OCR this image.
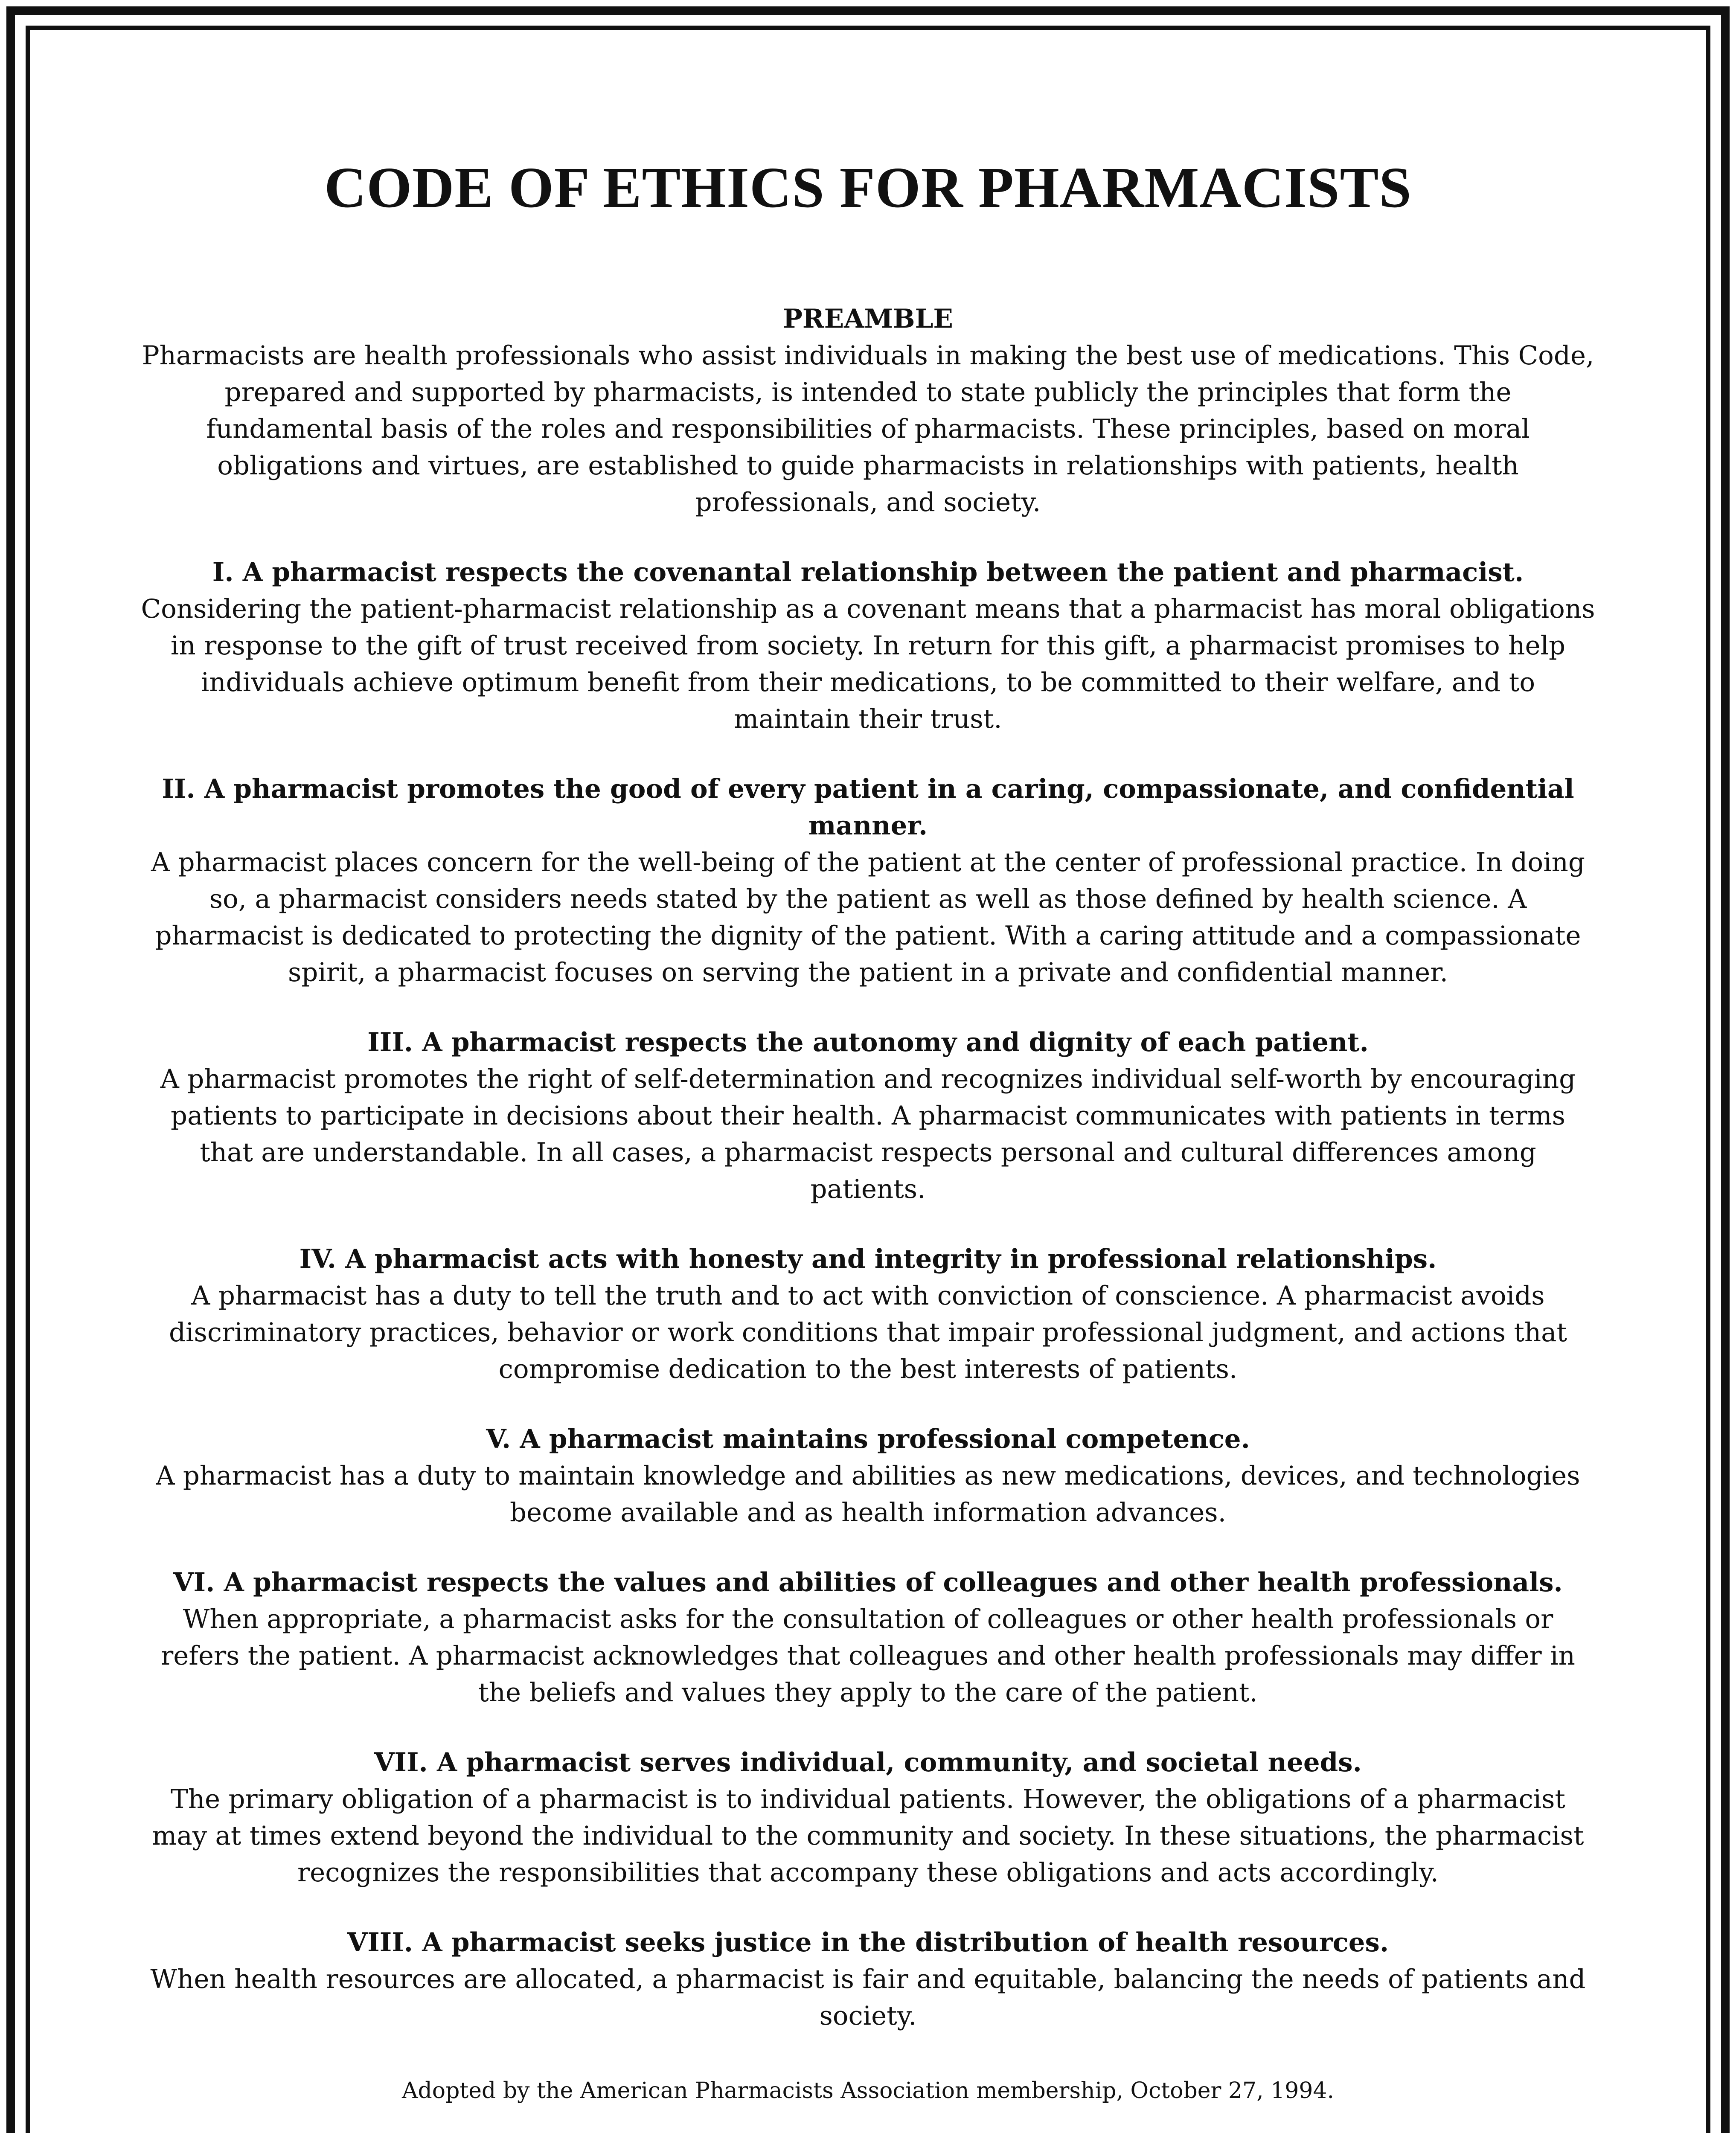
CODE OF ETHICS FOR PHARMACISTS
PREAMBLE
Pharmacists are health professionals who assist individuals in making the best use of medications. This Code, prepared and supported by pharmacists, is intended to state publicly the principles that form the fundamental basis of the roles and responsibilities of pharmacists. These principles, based on moral obligations and virtues, are established to guide pharmacists in relationships with patients, health professionals, and society.
I. A pharmacist respects the covenantal relationship between the patient and pharmacist.
Considering the patient-pharmacist relationship as a covenant means that a pharmacist has moral obligations in response to the gift of trust received from society. In return for this gift, a pharmacist promises to help individuals achieve optimum benefit from their medications, to be committed to their welfare, and to maintain their trust.
II. A pharmacist promotes the good of every patient in a caring, compassionate, and confidential manner.
A pharmacist places concern for the well-being of the patient at the center of professional practice. In doing so, a pharmacist considers needs stated by the patient as well as those defined by health science. A pharmacist is dedicated to protecting the dignity of the patient. With a caring attitude and a compassionate spirit, a pharmacist focuses on serving the patient in a private and confidential manner.
III. A pharmacist respects the autonomy and dignity of each patient.
A pharmacist promotes the right of self-determination and recognizes individual self-worth by encouraging patients to participate in decisions about their health. A pharmacist communicates with patients in terms that are understandable. In all cases, a pharmacist respects personal and cultural differences among patients.
IV. A pharmacist acts with honesty and integrity in professional relationships.
A pharmacist has a duty to tell the truth and to act with conviction of conscience. A pharmacist avoids discriminatory practices, behavior or work conditions that impair professional judgment, and actions that compromise dedication to the best interests of patients.
V. A pharmacist maintains professional competence.
A pharmacist has a duty to maintain knowledge and abilities as new medications, devices, and technologies become available and as health information advances.
VI. A pharmacist respects the values and abilities of colleagues and other health professionals.
When appropriate, a pharmacist asks for the consultation of colleagues or other health professionals or refers the patient. A pharmacist acknowledges that colleagues and other health professionals may differ in the beliefs and values they apply to the care of the patient.
VII. A pharmacist serves individual, community, and societal needs.
The primary obligation of a pharmacist is to individual patients. However, the obligations of a pharmacist may at times extend beyond the individual to the community and society. In these situations, the pharmacist recognizes the responsibilities that accompany these obligations and acts accordingly.
VIII. A pharmacist seeks justice in the distribution of health resources.
When health resources are allocated, a pharmacist is fair and equitable, balancing the needs of patients and society.
Adopted by the American Pharmacists Association membership, October 27, 1994.
